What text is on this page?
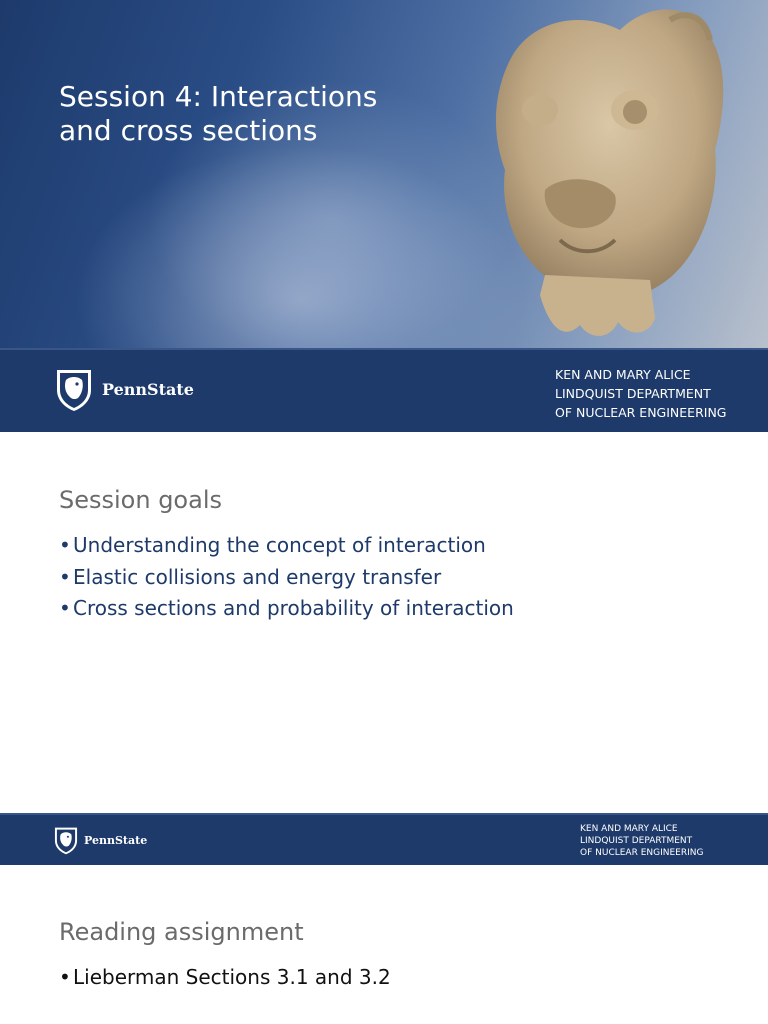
Session 4: Interactions
and cross sections
PennState
KEN AND MARY ALICE
LINDQUIST DEPARTMENT
OF NUCLEAR ENGINEERING
Session goals
• Understanding the concept of interaction
• Elastic collisions and energy transfer
• Cross sections and probability of interaction
PennState
KEN AND MARY ALICE
LINDQUIST DEPARTMENT
OF NUCLEAR ENGINEERING
Reading assignment
• Lieberman Sections 3.1 and 3.2
